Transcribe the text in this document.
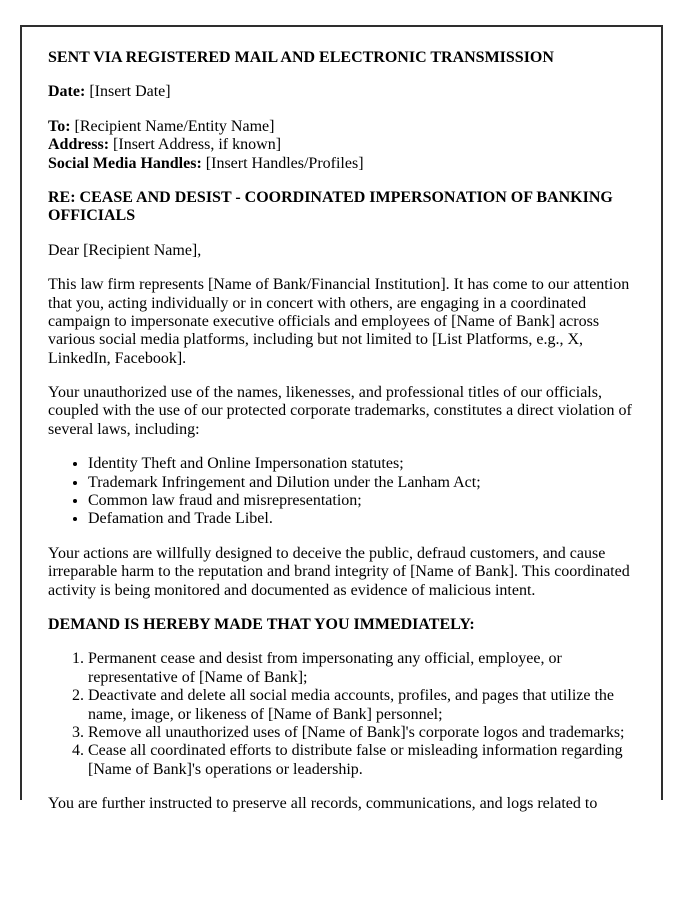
SENT VIA REGISTERED MAIL AND ELECTRONIC TRANSMISSION

Date: [Insert Date]

To: [Recipient Name/Entity Name]
Address: [Insert Address, if known]
Social Media Handles: [Insert Handles/Profiles]

RE: CEASE AND DESIST - COORDINATED IMPERSONATION OF BANKING OFFICIALS

Dear [Recipient Name],

This law firm represents [Name of Bank/Financial Institution]. It has come to our attention that you, acting individually or in concert with others, are engaging in a coordinated campaign to impersonate executive officials and employees of [Name of Bank] across various social media platforms, including but not limited to [List Platforms, e.g., X, LinkedIn, Facebook].

Your unauthorized use of the names, likenesses, and professional titles of our officials, coupled with the use of our protected corporate trademarks, constitutes a direct violation of several laws, including:

• Identity Theft and Online Impersonation statutes;
• Trademark Infringement and Dilution under the Lanham Act;
• Common law fraud and misrepresentation;
• Defamation and Trade Libel.

Your actions are willfully designed to deceive the public, defraud customers, and cause irreparable harm to the reputation and brand integrity of [Name of Bank]. This coordinated activity is being monitored and documented as evidence of malicious intent.

DEMAND IS HEREBY MADE THAT YOU IMMEDIATELY:

1. Permanent cease and desist from impersonating any official, employee, or representative of [Name of Bank];
2. Deactivate and delete all social media accounts, profiles, and pages that utilize the name, image, or likeness of [Name of Bank] personnel;
3. Remove all unauthorized uses of [Name of Bank]'s corporate logos and trademarks;
4. Cease all coordinated efforts to distribute false or misleading information regarding [Name of Bank]'s operations or leadership.

You are further instructed to preserve all records, communications, and logs related to
